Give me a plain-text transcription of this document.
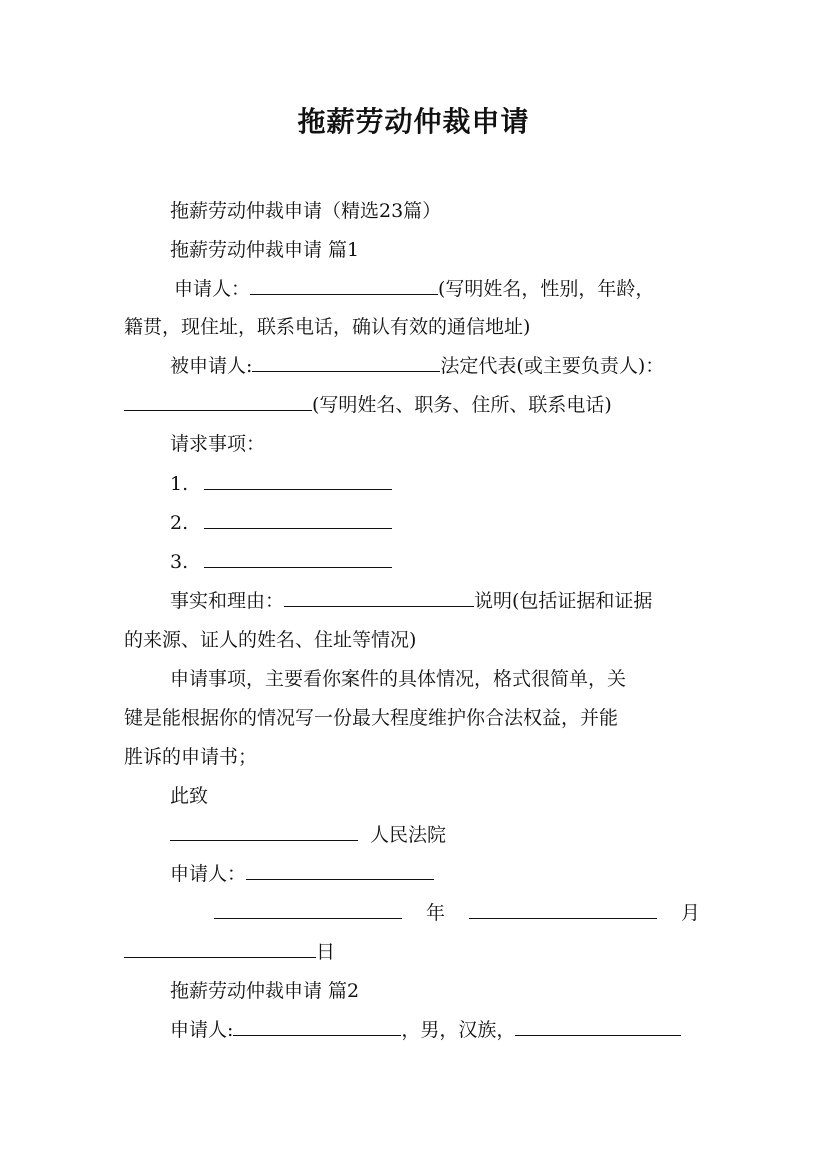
拖薪劳动仲裁申请
拖薪劳动仲裁申请（精选23篇）
拖薪劳动仲裁申请 篇1
申请人：	(写明姓名，性别，年龄，
籍贯，现住址，联系电话，确认有效的通信地址)
被申请人:	法定代表(或主要负责人)：
(写明姓名、职务、住所、联系电话)
请求事项：
1.
2.
3.
事实和理由：	说明(包括证据和证据
的来源、证人的姓名、住址等情况)
申请事项，主要看你案件的具体情况，格式很简单，关
键是能根据你的情况写一份最大程度维护你合法权益，并能
胜诉的申请书；
此致
人民法院
申请人：
年	月
日
拖薪劳动仲裁申请 篇2
申请人:	，男，汉族，
